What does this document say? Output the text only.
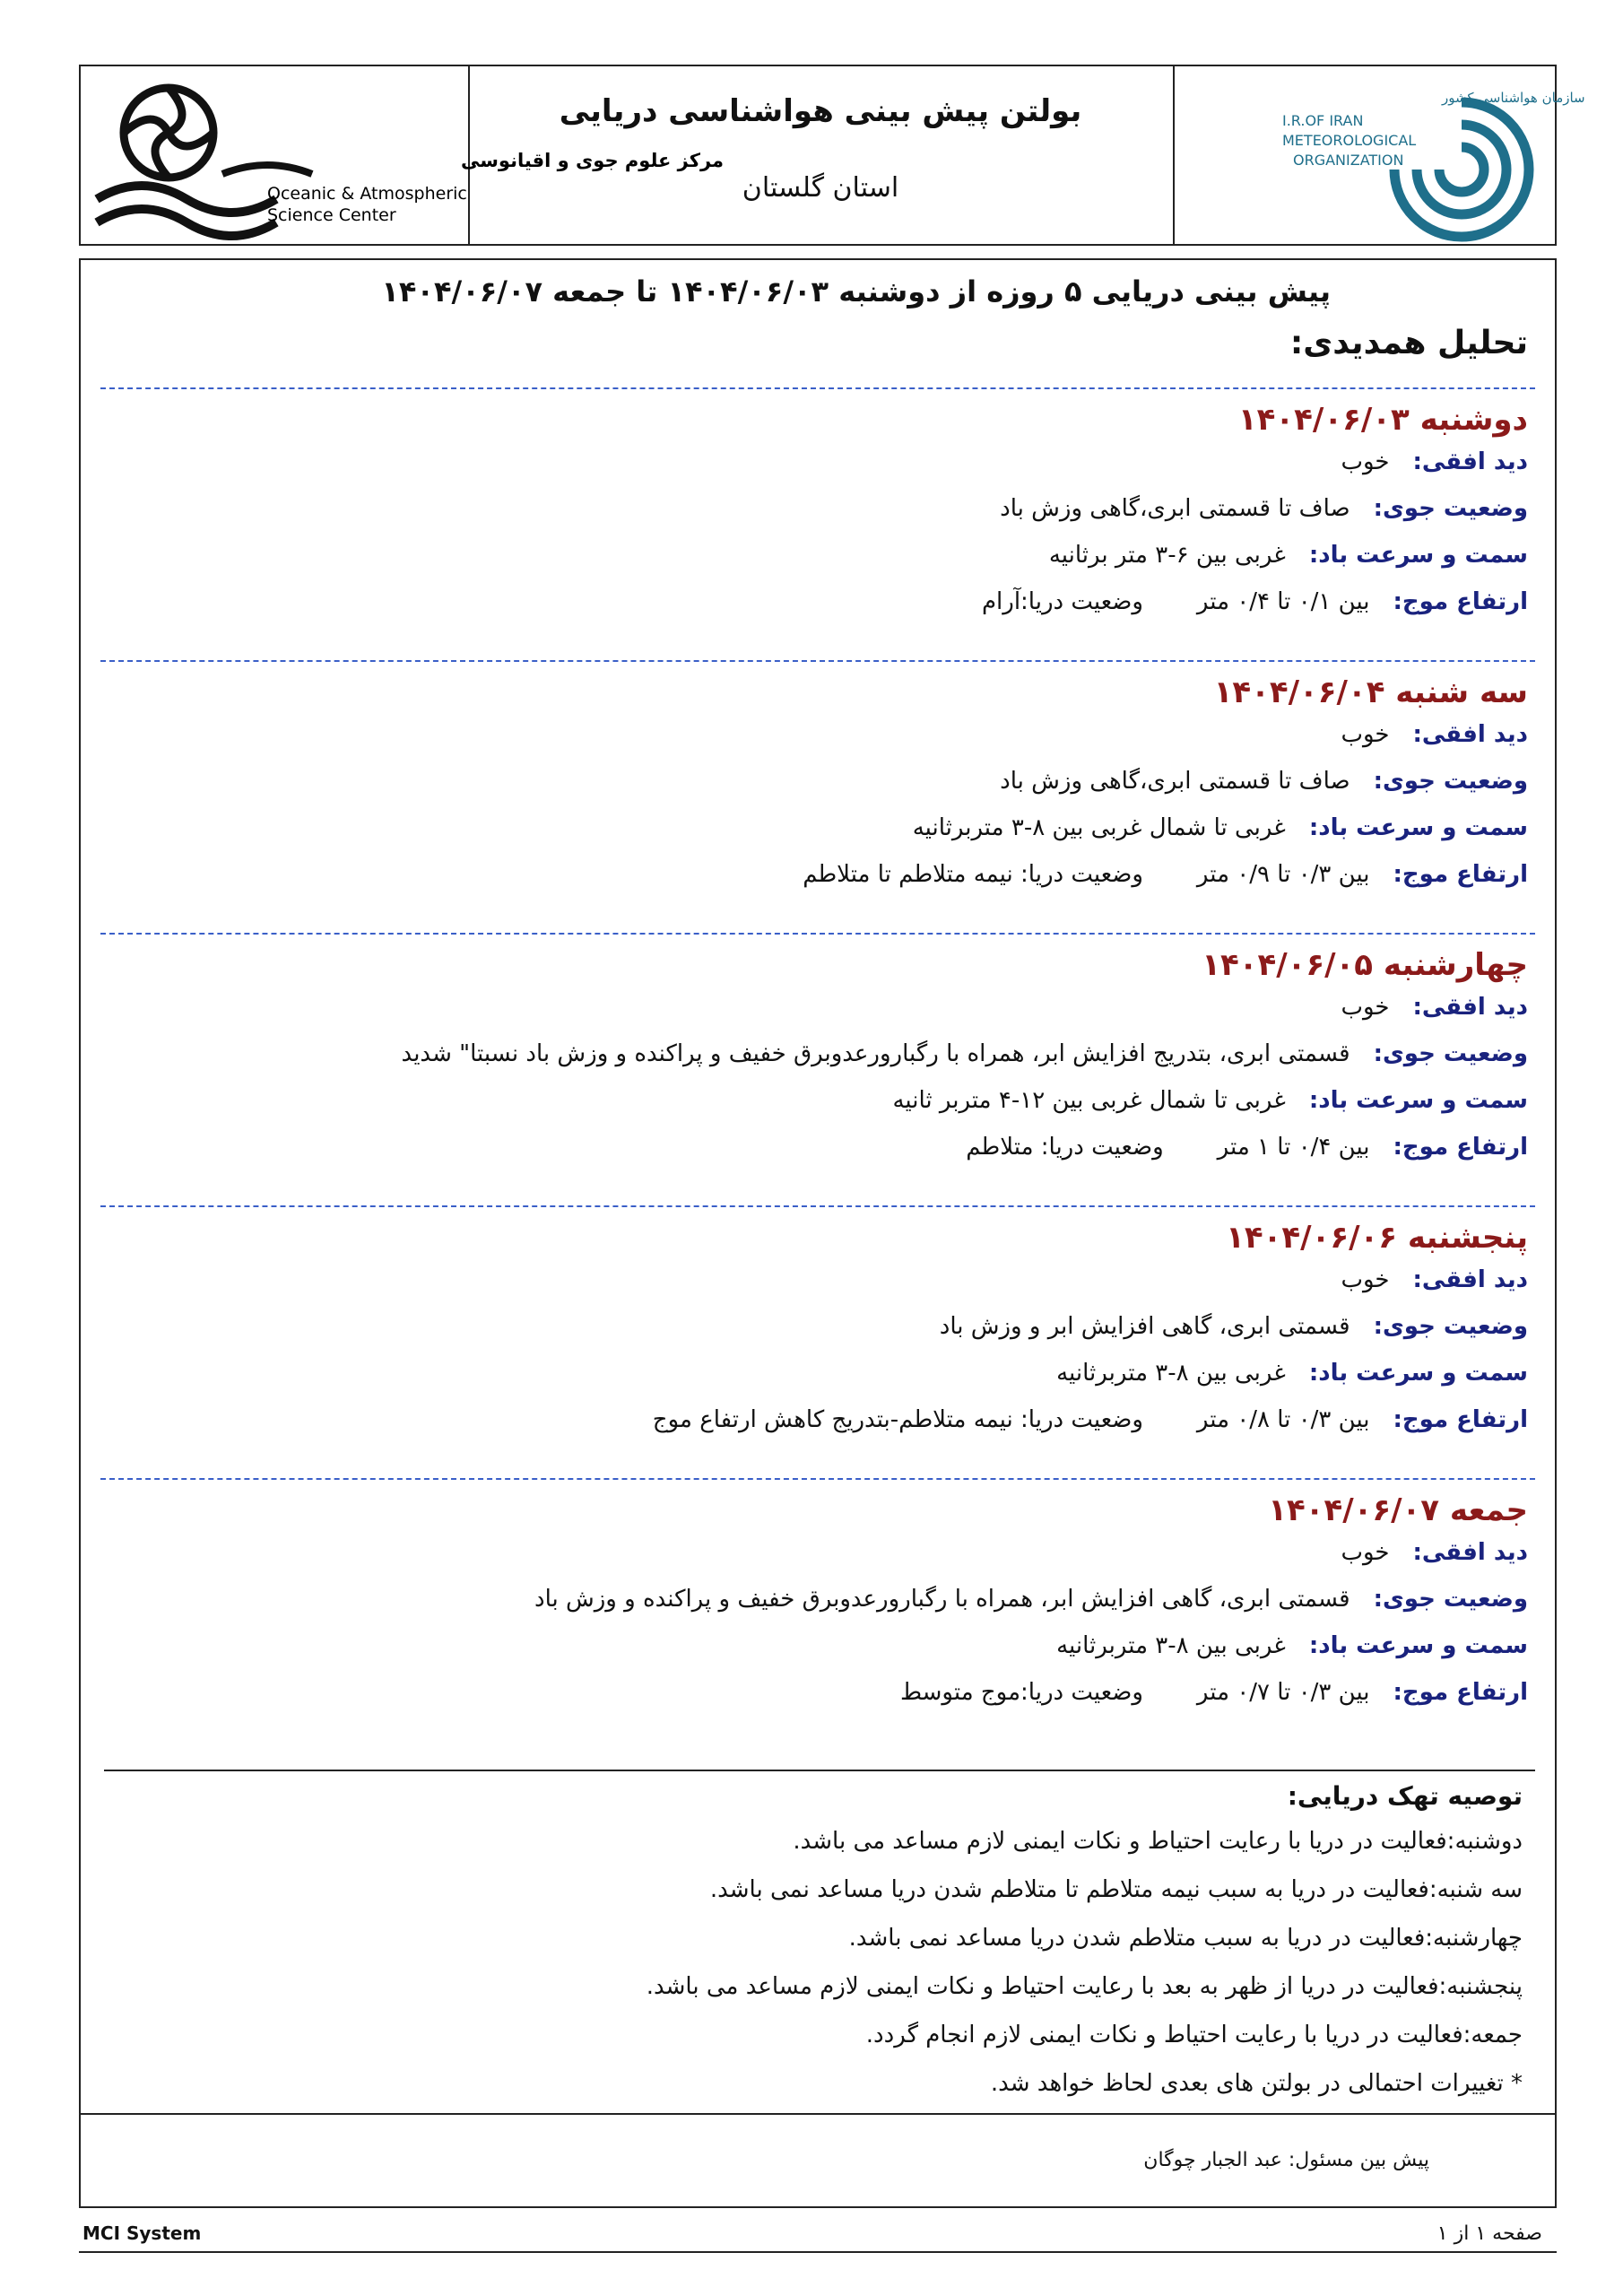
مرکز علوم جوی و اقیانوسی
Oceanic & Atmospheric
Science Center
بولتن پیش بینی هواشناسی دریایی
استان گلستان
سازمان هواشناسی کشور
I.R.OF IRAN
METEOROLOGICAL
ORGANIZATION
پیش بینی دریایی ۵ روزه از دوشنبه ۱۴۰۴/۰۶/۰۳ تا جمعه ۱۴۰۴/۰۶/۰۷
تحلیل همدیدی:
دوشنبه ۱۴۰۴/۰۶/۰۳
دید افقی:خوب
وضعیت جوی:صاف تا قسمتی ابری،گاهی وزش باد
سمت و سرعت باد:غربی بین ۶-۳ متر برثانیه
ارتفاع موج:بین ۰/۱ تا ۰/۴ متروضعیت دریا:آرام
سه شنبه ۱۴۰۴/۰۶/۰۴
دید افقی:خوب
وضعیت جوی:صاف تا قسمتی ابری،گاهی وزش باد
سمت و سرعت باد:غربی تا شمال غربی بین ۸-۳ متربرثانیه
ارتفاع موج:بین ۰/۳ تا ۰/۹ متروضعیت دریا: نیمه متلاطم تا متلاطم
چهارشنبه ۱۴۰۴/۰۶/۰۵
دید افقی:خوب
وضعیت جوی:قسمتی ابری، بتدریج افزایش ابر، همراه با رگبارورعدوبرق خفیف و پراکنده و وزش باد نسبتا" شدید
سمت و سرعت باد:غربی تا شمال غربی بین ۱۲-۴ متربر ثانیه
ارتفاع موج:بین ۰/۴ تا ۱ متروضعیت دریا: متلاطم
پنجشنبه ۱۴۰۴/۰۶/۰۶
دید افقی:خوب
وضعیت جوی:قسمتی ابری، گاهی افزایش ابر و وزش باد
سمت و سرعت باد:غربی بین ۸-۳ متربرثانیه
ارتفاع موج:بین ۰/۳ تا ۰/۸ متروضعیت دریا: نیمه متلاطم-بتدریج کاهش ارتفاع موج
جمعه ۱۴۰۴/۰۶/۰۷
دید افقی:خوب
وضعیت جوی:قسمتی ابری، گاهی افزایش ابر، همراه با رگبارورعدوبرق خفیف و پراکنده و وزش باد
سمت و سرعت باد:غربی بین ۸-۳ متربرثانیه
ارتفاع موج:بین ۰/۳ تا ۰/۷ متروضعیت دریا:موج متوسط
توصیه تهک دریایی:
دوشنبه:فعالیت در دریا با رعایت احتیاط و نکات ایمنی لازم مساعد می باشد.
سه شنبه:فعالیت در دریا به سبب نیمه متلاطم تا متلاطم شدن دریا مساعد نمی باشد.
چهارشنبه:فعالیت در دریا به سبب متلاطم شدن دریا مساعد نمی باشد.
پنجشنبه:فعالیت در دریا از ظهر به بعد با رعایت احتیاط و نکات ایمنی لازم مساعد می باشد.
جمعه:فعالیت در دریا با رعایت احتیاط و نکات ایمنی لازم انجام گردد.
* تغییرات احتمالی در بولتن های بعدی لحاظ خواهد شد.
پیش بین مسئول: عبد الجبار چوگان
MCI System	صفحه ۱ از ۱
